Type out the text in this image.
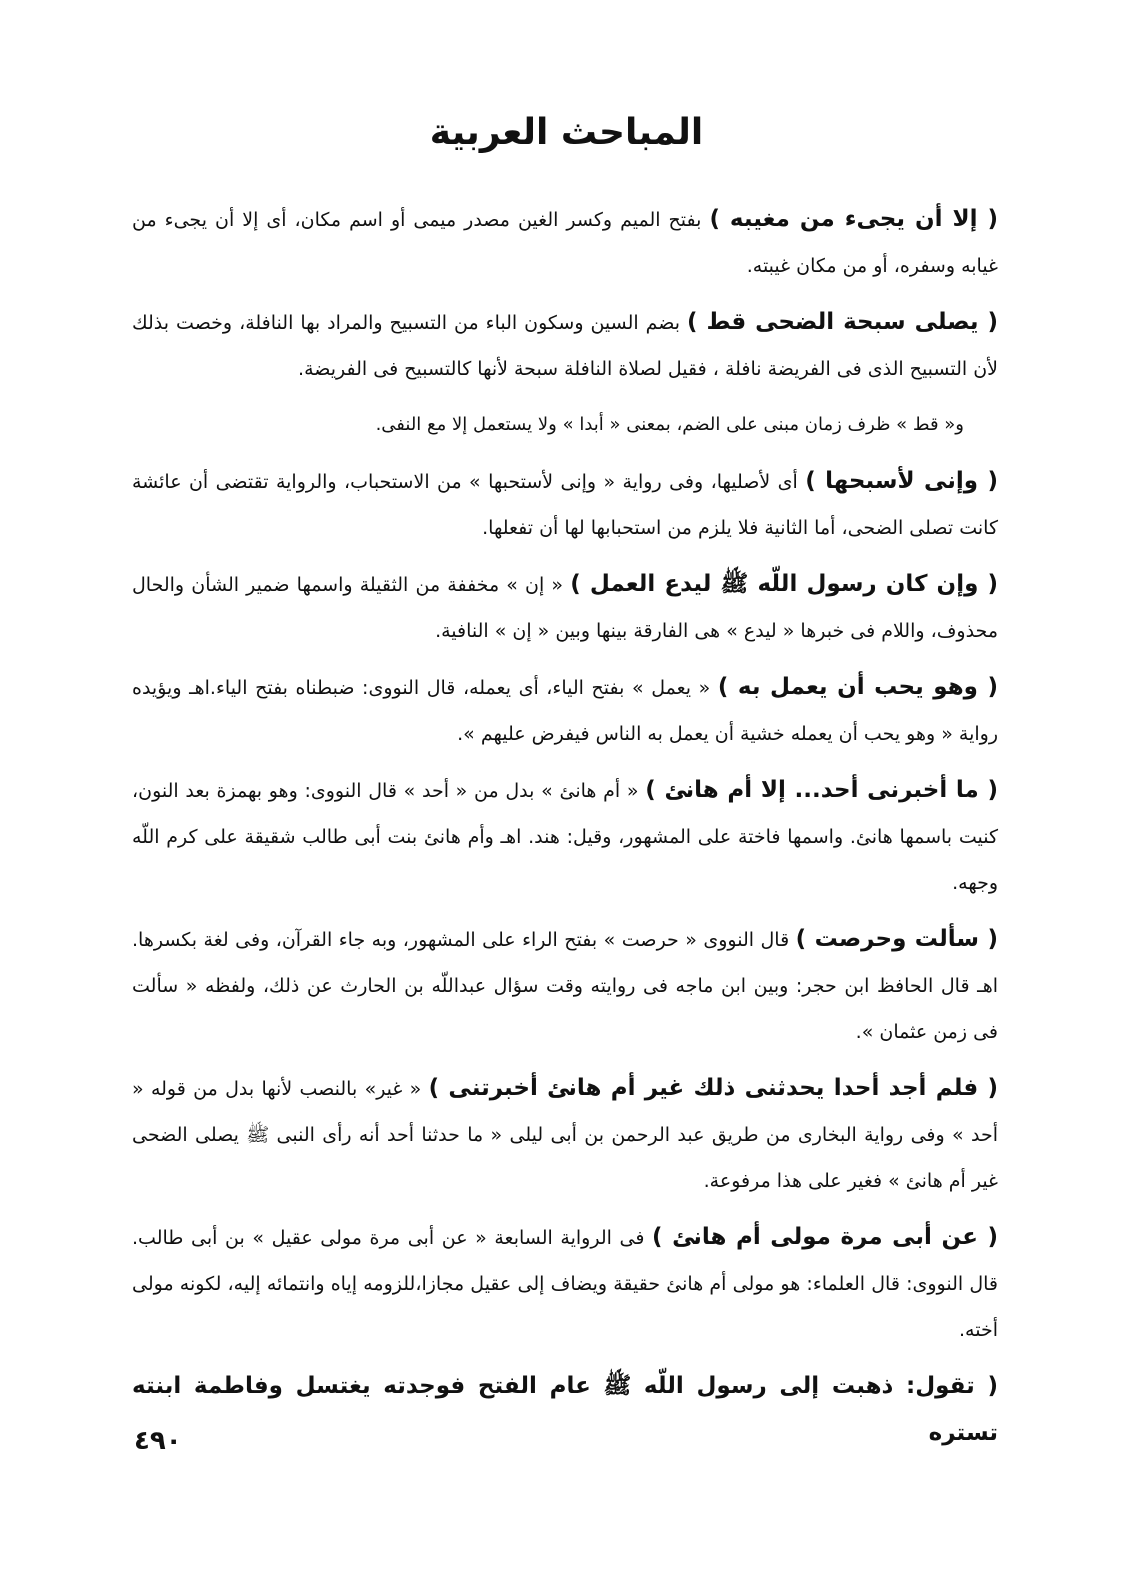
المباحث العربية

( إلا أن يجىء من مغيبه ) بفتح الميم وكسر الغين مصدر ميمى أو اسم مكان، أى إلا أن يجىء من غيابه وسفره، أو من مكان غيبته.

( يصلى سبحة الضحى قط ) بضم السين وسكون الباء من التسبيح والمراد بها النافلة، وخصت بذلك لأن التسبيح الذى فى الفريضة نافلة ، فقيل لصلاة النافلة سبحة لأنها كالتسبيح فى الفريضة.

و« قط » ظرف زمان مبنى على الضم، بمعنى « أبدا » ولا يستعمل إلا مع النفى.

( وإنى لأسبحها ) أى لأصليها، وفى رواية « وإنى لأستحبها » من الاستحباب، والرواية تقتضى أن عائشة كانت تصلى الضحى، أما الثانية فلا يلزم من استحبابها لها أن تفعلها.

( وإن كان رسول اللّه ﷺ ليدع العمل ) « إن » مخففة من الثقيلة واسمها ضمير الشأن والحال محذوف، واللام فى خبرها « ليدع » هى الفارقة بينها وبين « إن » النافية.

( وهو يحب أن يعمل به ) « يعمل » بفتح الياء، أى يعمله، قال النووى: ضبطناه بفتح الياء.اهـ ويؤيده رواية « وهو يحب أن يعمله خشية أن يعمل به الناس فيفرض عليهم ».

( ما أخبرنى أحد... إلا أم هانئ ) « أم هانئ » بدل من « أحد » قال النووى: وهو بهمزة بعد النون، كنيت باسمها هانئ. واسمها فاختة على المشهور، وقيل: هند. اهـ وأم هانئ بنت أبى طالب شقيقة على كرم اللّه وجهه.

( سألت وحرصت ) قال النووى « حرصت » بفتح الراء على المشهور، وبه جاء القرآن، وفى لغة بكسرها. اهـ قال الحافظ ابن حجر: وبين ابن ماجه فى روايته وقت سؤال عبداللّه بن الحارث عن ذلك، ولفظه « سألت فى زمن عثمان ».

( فلم أجد أحدا يحدثنى ذلك غير أم هانئ أخبرتنى ) « غير» بالنصب لأنها بدل من قوله « أحد » وفى رواية البخارى من طريق عبد الرحمن بن أبى ليلى « ما حدثنا أحد أنه رأى النبى ﷺ يصلى الضحى غير أم هانئ » فغير على هذا مرفوعة.

( عن أبى مرة مولى أم هانئ ) فى الرواية السابعة « عن أبى مرة مولى عقيل » بن أبى طالب. قال النووى: قال العلماء: هو مولى أم هانئ حقيقة ويضاف إلى عقيل مجازا،للزومه إياه وانتمائه إليه، لكونه مولى أخته.

( تقول: ذهبت إلى رسول اللّه ﷺ عام الفتح فوجدته يغتسل وفاطمة ابنته تستره

٤٩٠
